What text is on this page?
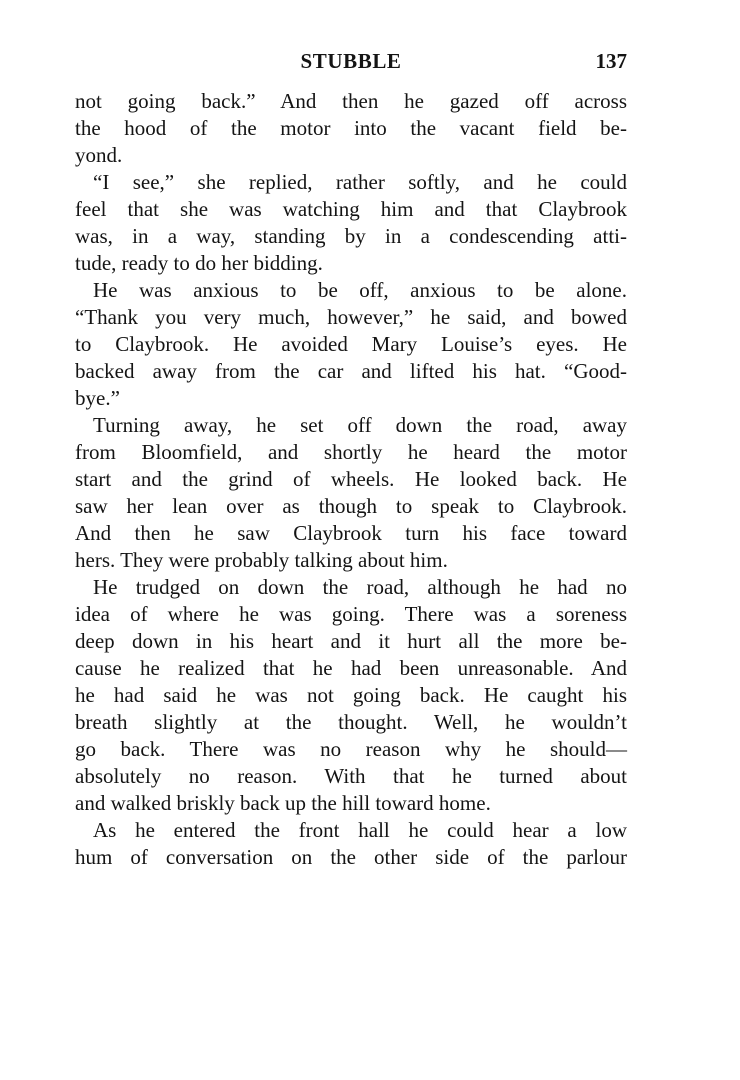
STUBBLE	137
not going back.” And then he gazed off across
the hood of the motor into the vacant field be-
yond.
“I see,” she replied, rather softly, and he could
feel that she was watching him and that Claybrook
was, in a way, standing by in a condescending atti-
tude, ready to do her bidding.
He was anxious to be off, anxious to be alone.
“Thank you very much, however,” he said, and bowed
to Claybrook. He avoided Mary Louise’s eyes. He
backed away from the car and lifted his hat. “Good-
bye.”
Turning away, he set off down the road, away
from Bloomfield, and shortly he heard the motor
start and the grind of wheels. He looked back. He
saw her lean over as though to speak to Claybrook.
And then he saw Claybrook turn his face toward
hers. They were probably talking about him.
He trudged on down the road, although he had no
idea of where he was going. There was a soreness
deep down in his heart and it hurt all the more be-
cause he realized that he had been unreasonable. And
he had said he was not going back. He caught his
breath slightly at the thought. Well, he wouldn’t
go back. There was no reason why he should—
absolutely no reason. With that he turned about
and walked briskly back up the hill toward home.
As he entered the front hall he could hear a low
hum of conversation on the other side of the parlour
